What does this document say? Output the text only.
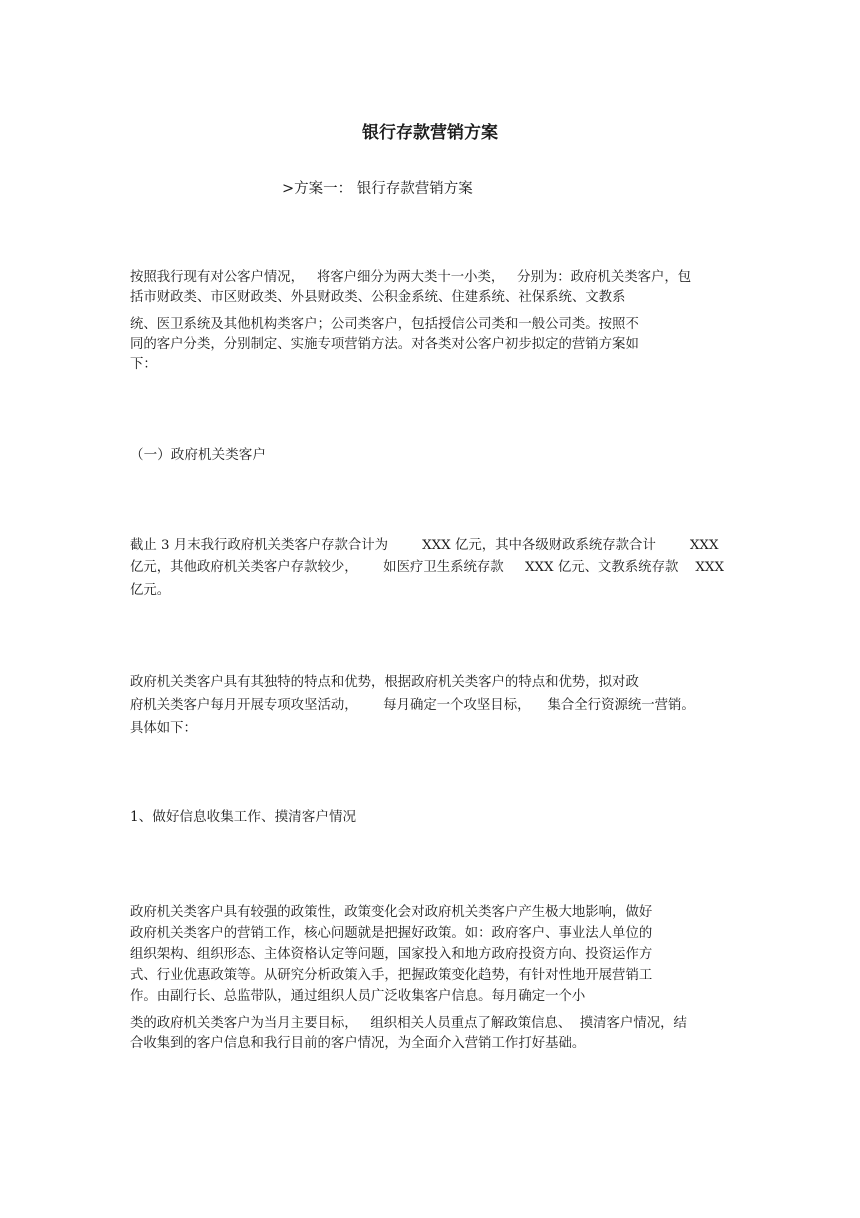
银行存款营销方案

>方案一： 银行存款营销方案

按照我行现有对公客户情况，   将客户细分为两大类十一小类，   分别为：政府机关类客户，包

括市财政类、市区财政类、外县财政类、公积金系统、住建系统、社保系统、文教系

统、医卫系统及其他机构类客户；公司类客户，包括授信公司类和一般公司类。按照不

同的客户分类，分别制定、实施专项营销方法。对各类对公客户初步拟定的营销方案如

下：

（一）政府机关类客户

截止 3 月末我行政府机关类客户存款合计为        XXX 亿元，其中各级财政系统存款合计        XXX

亿元，其他政府机关类客户存款较少，      如医疗卫生系统存款     XXX 亿元、文教系统存款    XXX

亿元。

政府机关类客户具有其独特的特点和优势，根据政府机关类客户的特点和优势，拟对政

府机关类客户每月开展专项攻坚活动，      每月确定一个攻坚目标，    集合全行资源统一营销。

具体如下：

1、做好信息收集工作、摸清客户情况

政府机关类客户具有较强的政策性，政策变化会对政府机关类客户产生极大地影响，做好

政府机关类客户的营销工作，核心问题就是把握好政策。如：政府客户、事业法人单位的

组织架构、组织形态、主体资格认定等问题，国家投入和地方政府投资方向、投资运作方

式、行业优惠政策等。从研究分析政策入手，把握政策变化趋势，有针对性地开展营销工

作。由副行长、总监带队，通过组织人员广泛收集客户信息。每月确定一个小

类的政府机关类客户为当月主要目标，   组织相关人员重点了解政策信息、  摸清客户情况，结

合收集到的客户信息和我行目前的客户情况，为全面介入营销工作打好基础。
